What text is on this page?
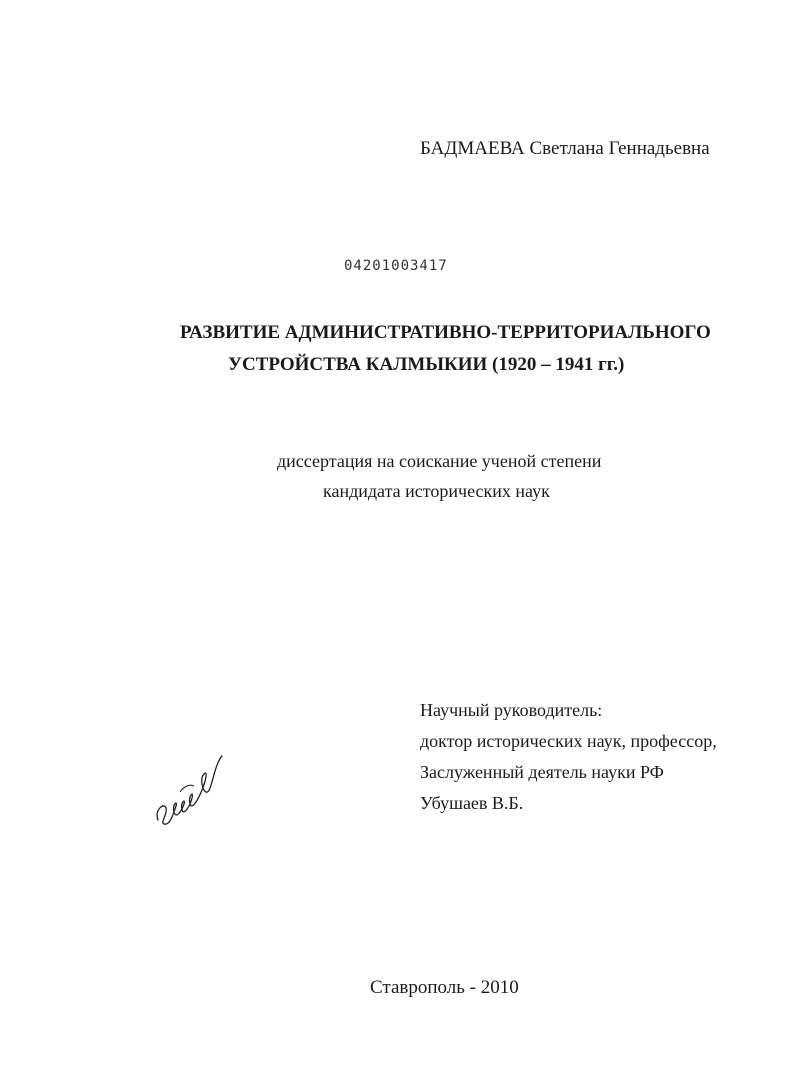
БАДМАЕВА Светлана Геннадьевна
04201003417
РАЗВИТИЕ АДМИНИСТРАТИВНО-ТЕРРИТОРИАЛЬНОГО
УСТРОЙСТВА КАЛМЫКИИ (1920 – 1941 гг.)
диссертация на соискание ученой степени
кандидата исторических наук
Научный руководитель:
доктор исторических наук, профессор,
Заслуженный деятель науки РФ
Убушаев В.Б.
Ставрополь - 2010
